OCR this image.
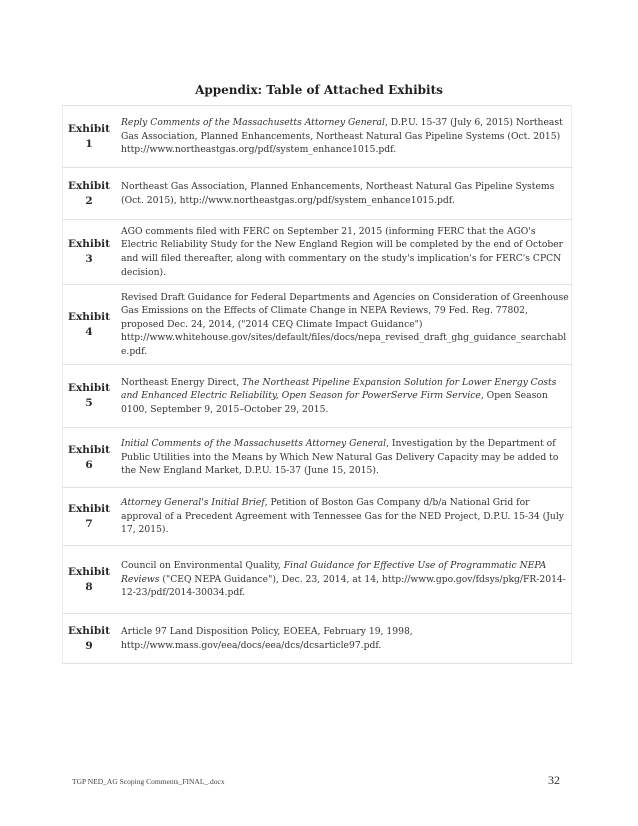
Appendix: Table of Attached Exhibits
Exhibit
1	Reply Comments of the Massachusetts Attorney General, D.P.U. 15-37 (July 6, 2015) Northeast Gas Association, Planned Enhancements, Northeast Natural Gas Pipeline Systems (Oct. 2015) http://www.northeastgas.org/pdf/system_enhance1015.pdf.
Exhibit
2	Northeast Gas Association, Planned Enhancements, Northeast Natural Gas Pipeline Systems (Oct. 2015), http://www.northeastgas.org/pdf/system_enhance1015.pdf.
Exhibit
3	AGO comments filed with FERC on September 21, 2015 (informing FERC that the AGO's Electric Reliability Study for the New England Region will be completed by the end of October and will filed thereafter, along with commentary on the study's implication's for FERC's CPCN decision).
Exhibit
4	Revised Draft Guidance for Federal Departments and Agencies on Consideration of Greenhouse Gas Emissions on the Effects of Climate Change in NEPA Reviews, 79 Fed. Reg. 77802, proposed Dec. 24, 2014, ("2014 CEQ Climate Impact Guidance") http://www.whitehouse.gov/sites/default/files/docs/nepa_revised_draft_ghg_guidance_searchable.pdf.
Exhibit
5	Northeast Energy Direct, The Northeast Pipeline Expansion Solution for Lower Energy Costs and Enhanced Electric Reliability, Open Season for PowerServe Firm Service, Open Season 0100, September 9, 2015–October 29, 2015.
Exhibit
6	Initial Comments of the Massachusetts Attorney General, Investigation by the Department of Public Utilities into the Means by Which New Natural Gas Delivery Capacity may be added to the New England Market, D.P.U. 15-37 (June 15, 2015).
Exhibit
7	Attorney General's Initial Brief, Petition of Boston Gas Company d/b/a National Grid for approval of a Precedent Agreement with Tennessee Gas for the NED Project, D.P.U. 15-34 (July 17, 2015).
Exhibit
8	Council on Environmental Quality, Final Guidance for Effective Use of Programmatic NEPA Reviews ("CEQ NEPA Guidance"), Dec. 23, 2014, at 14, http://www.gpo.gov/fdsys/pkg/FR-2014-12-23/pdf/2014-30034.pdf.
Exhibit
9	Article 97 Land Disposition Policy, EOEEA, February 19, 1998, http://www.mass.gov/eea/docs/eea/dcs/dcsarticle97.pdf.
TGP NED_AG Scoping Comments_FINAL_.docx	32
